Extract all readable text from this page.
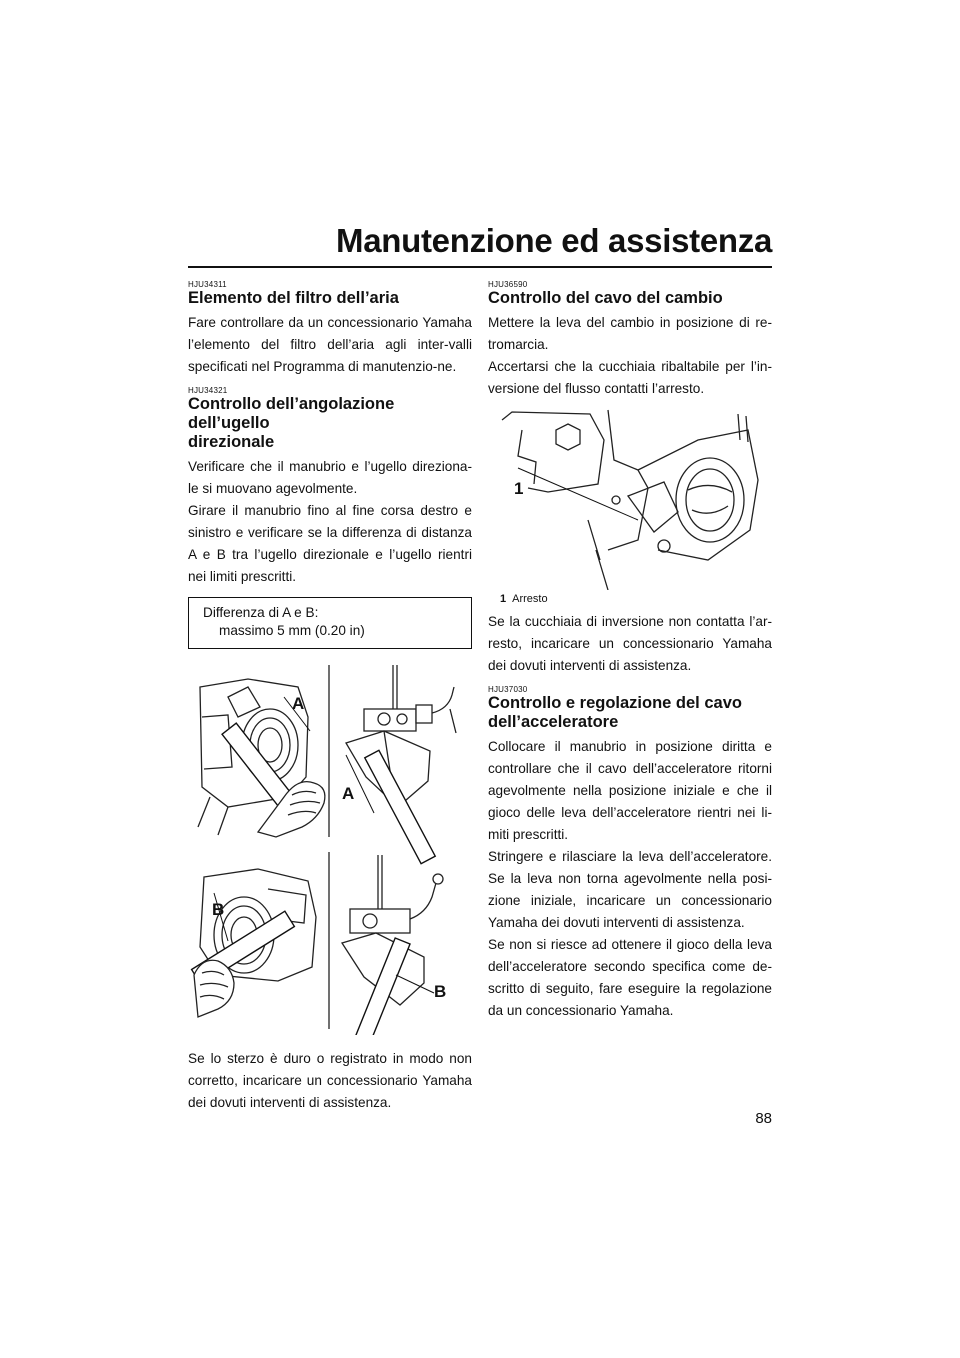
Manutenzione ed assistenza
HJU34311
Elemento del filtro dell’aria

Fare controllare da un concessionario Yamaha l’elemento del filtro dell’aria agli inter-valli specificati nel Programma di manutenzio-ne.

HJU34321
Controllo dell’angolazione dell’ugello
direzionale

Verificare che il manubrio e l’ugello direziona-le si muovano agevolmente.

Girare il manubrio fino al fine corsa destro e sinistro e verificare se la differenza di distanza A e B tra l’ugello direzionale e l’ugello rientri nei limiti prescritti.

Differenza di A e B:
massimo 5 mm (0.20 in)
A
A
B
B

Se lo sterzo è duro o registrato in modo non corretto, incaricare un concessionario Yamaha dei dovuti interventi di assistenza.

HJU36590
Controllo del cavo del cambio

Mettere la leva del cambio in posizione di re-tromarcia.

Accertarsi che la cucchiaia ribaltabile per l’in-versione del flusso contatti l’arresto.

1
1 Arresto

Se la cucchiaia di inversione non contatta l’ar-resto, incaricare un concessionario Yamaha dei dovuti interventi di assistenza.

HJU37030
Controllo e regolazione del cavo
dell’acceleratore

Collocare il manubrio in posizione diritta e controllare che il cavo dell’acceleratore ritorni agevolmente nella posizione iniziale e che il gioco delle leva dell’acceleratore rientri nei li-miti prescritti.

Stringere e rilasciare la leva dell’acceleratore. Se la leva non torna agevolmente nella posi-zione iniziale, incaricare un concessionario Yamaha dei dovuti interventi di assistenza.

Se non si riesce ad ottenere il gioco della leva dell’acceleratore secondo specifica come de-scritto di seguito, fare eseguire la regolazione da un concessionario Yamaha.

88
